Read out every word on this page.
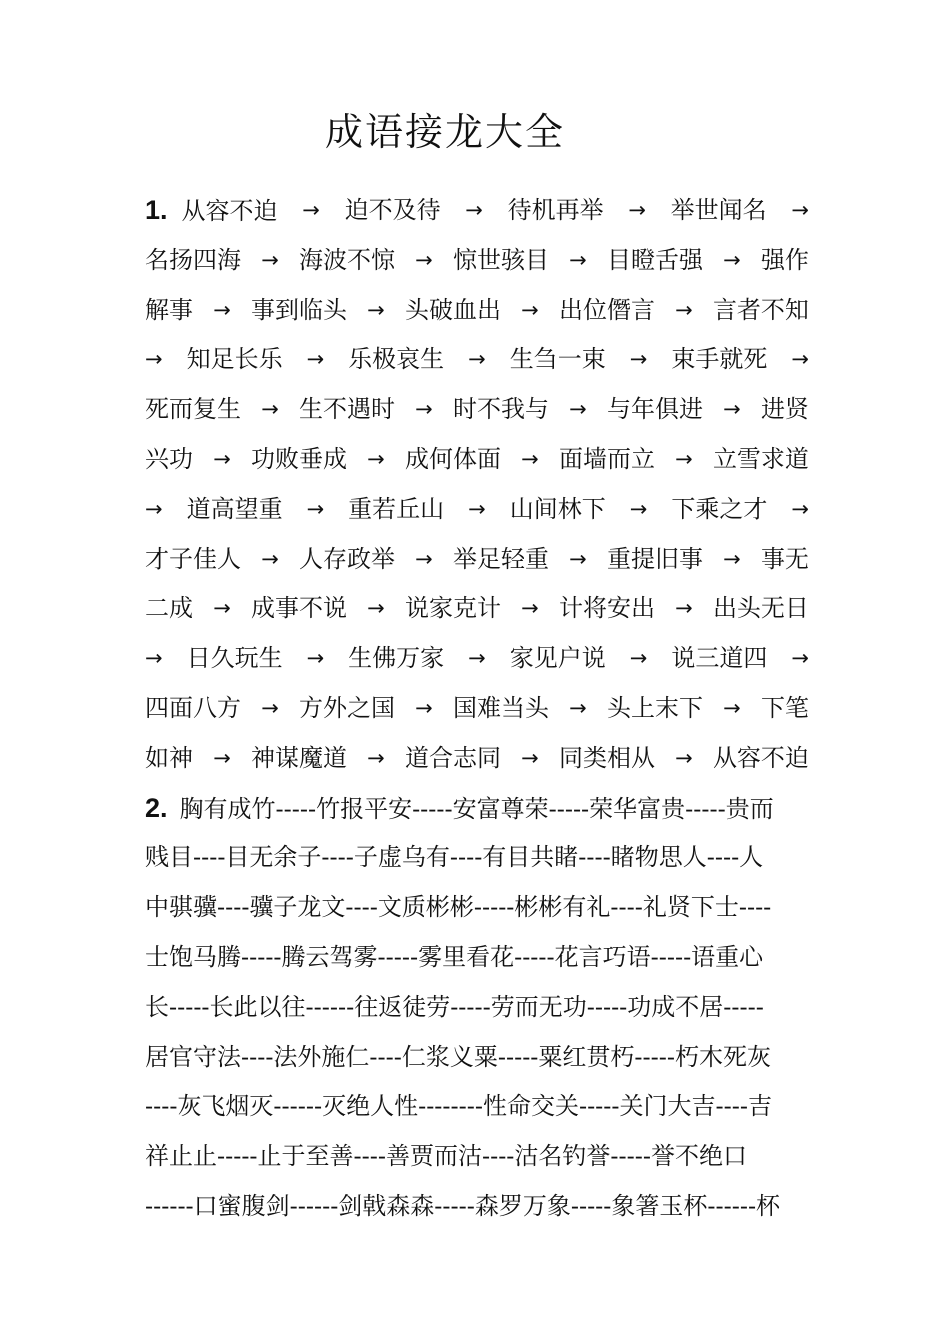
成语接龙大全
1. 从容不迫 → 迫不及待 → 待机再举 → 举世闻名 →
名扬四海 → 海波不惊 → 惊世骇目 → 目瞪舌强 → 强作
解事 → 事到临头 → 头破血出 → 出位僭言 → 言者不知
→ 知足长乐 → 乐极哀生 → 生刍一束 → 束手就死 →
死而复生 → 生不遇时 → 时不我与 → 与年俱进 → 进贤
兴功 → 功败垂成 → 成何体面 → 面墙而立 → 立雪求道
→ 道高望重 → 重若丘山 → 山间林下 → 下乘之才 →
才子佳人 → 人存政举 → 举足轻重 → 重提旧事 → 事无
二成 → 成事不说 → 说家克计 → 计将安出 → 出头无日
→ 日久玩生 → 生佛万家 → 家见户说 → 说三道四 →
四面八方 → 方外之国 → 国难当头 → 头上末下 → 下笔
如神 → 神谋魔道 → 道合志同 → 同类相从 → 从容不迫
2. 胸有成竹-----竹报平安-----安富尊荣-----荣华富贵-----贵而
贱目----目无余子----子虚乌有----有目共睹----睹物思人----人
中骐骥----骥子龙文----文质彬彬-----彬彬有礼----礼贤下士----
士饱马腾-----腾云驾雾-----雾里看花-----花言巧语-----语重心
长-----长此以往------往返徒劳-----劳而无功-----功成不居-----
居官守法----法外施仁----仁浆义粟-----粟红贯朽-----朽木死灰
----灰飞烟灭------灭绝人性--------性命交关-----关门大吉----吉
祥止止-----止于至善----善贾而沽----沽名钓誉-----誉不绝口
------口蜜腹剑------剑戟森森-----森罗万象-----象箸玉杯------杯
